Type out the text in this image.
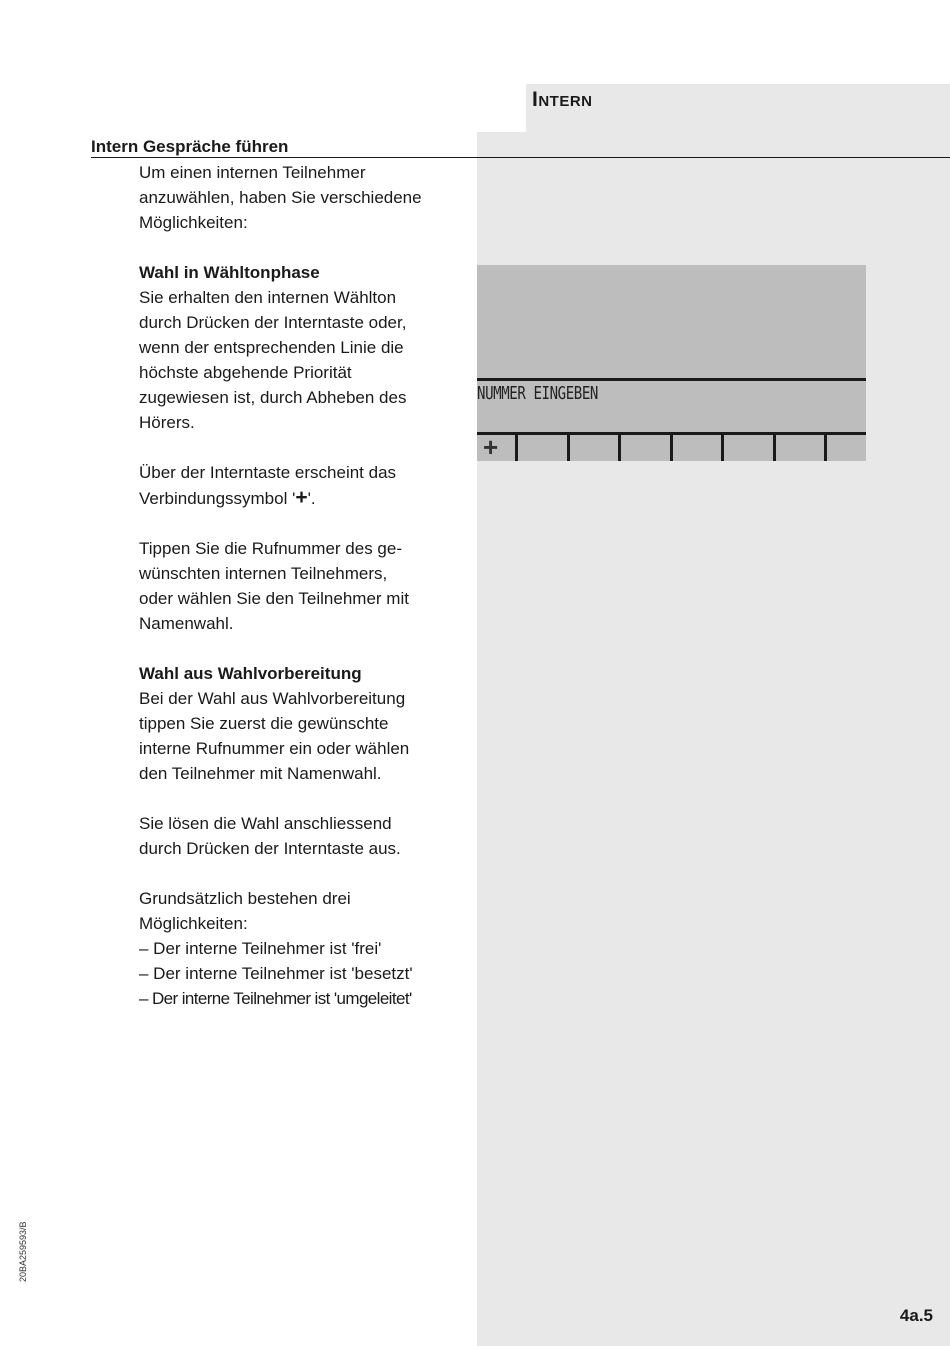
Intern
Intern Gespräche führen

Um einen internen Teilnehmer
anzuwählen, haben Sie verschiedene
Möglichkeiten:

Wahl in Wähltonphase

Sie erhalten den internen Wählton
durch Drücken der Interntaste oder,
wenn der entsprechenden Linie die
höchste abgehende Priorität
zugewiesen ist, durch Abheben des
Hörers.

Über der Interntaste erscheint das
Verbindungssymbol '+'.

Tippen Sie die Rufnummer des ge-
wünschten internen Teilnehmers,
oder wählen Sie den Teilnehmer mit
Namenwahl.

Wahl aus Wahlvorbereitung

Bei der Wahl aus Wahlvorbereitung
tippen Sie zuerst die gewünschte
interne Rufnummer ein oder wählen
den Teilnehmer mit Namenwahl.

Sie lösen die Wahl anschliessend
durch Drücken der Interntaste aus.

Grundsätzlich bestehen drei
Möglichkeiten:
– Der interne Teilnehmer ist 'frei'
– Der interne Teilnehmer ist 'besetzt'
– Der interne Teilnehmer ist 'umgeleitet'

NUMMER EINGEBEN
+
20BA259593/B
4a.5
